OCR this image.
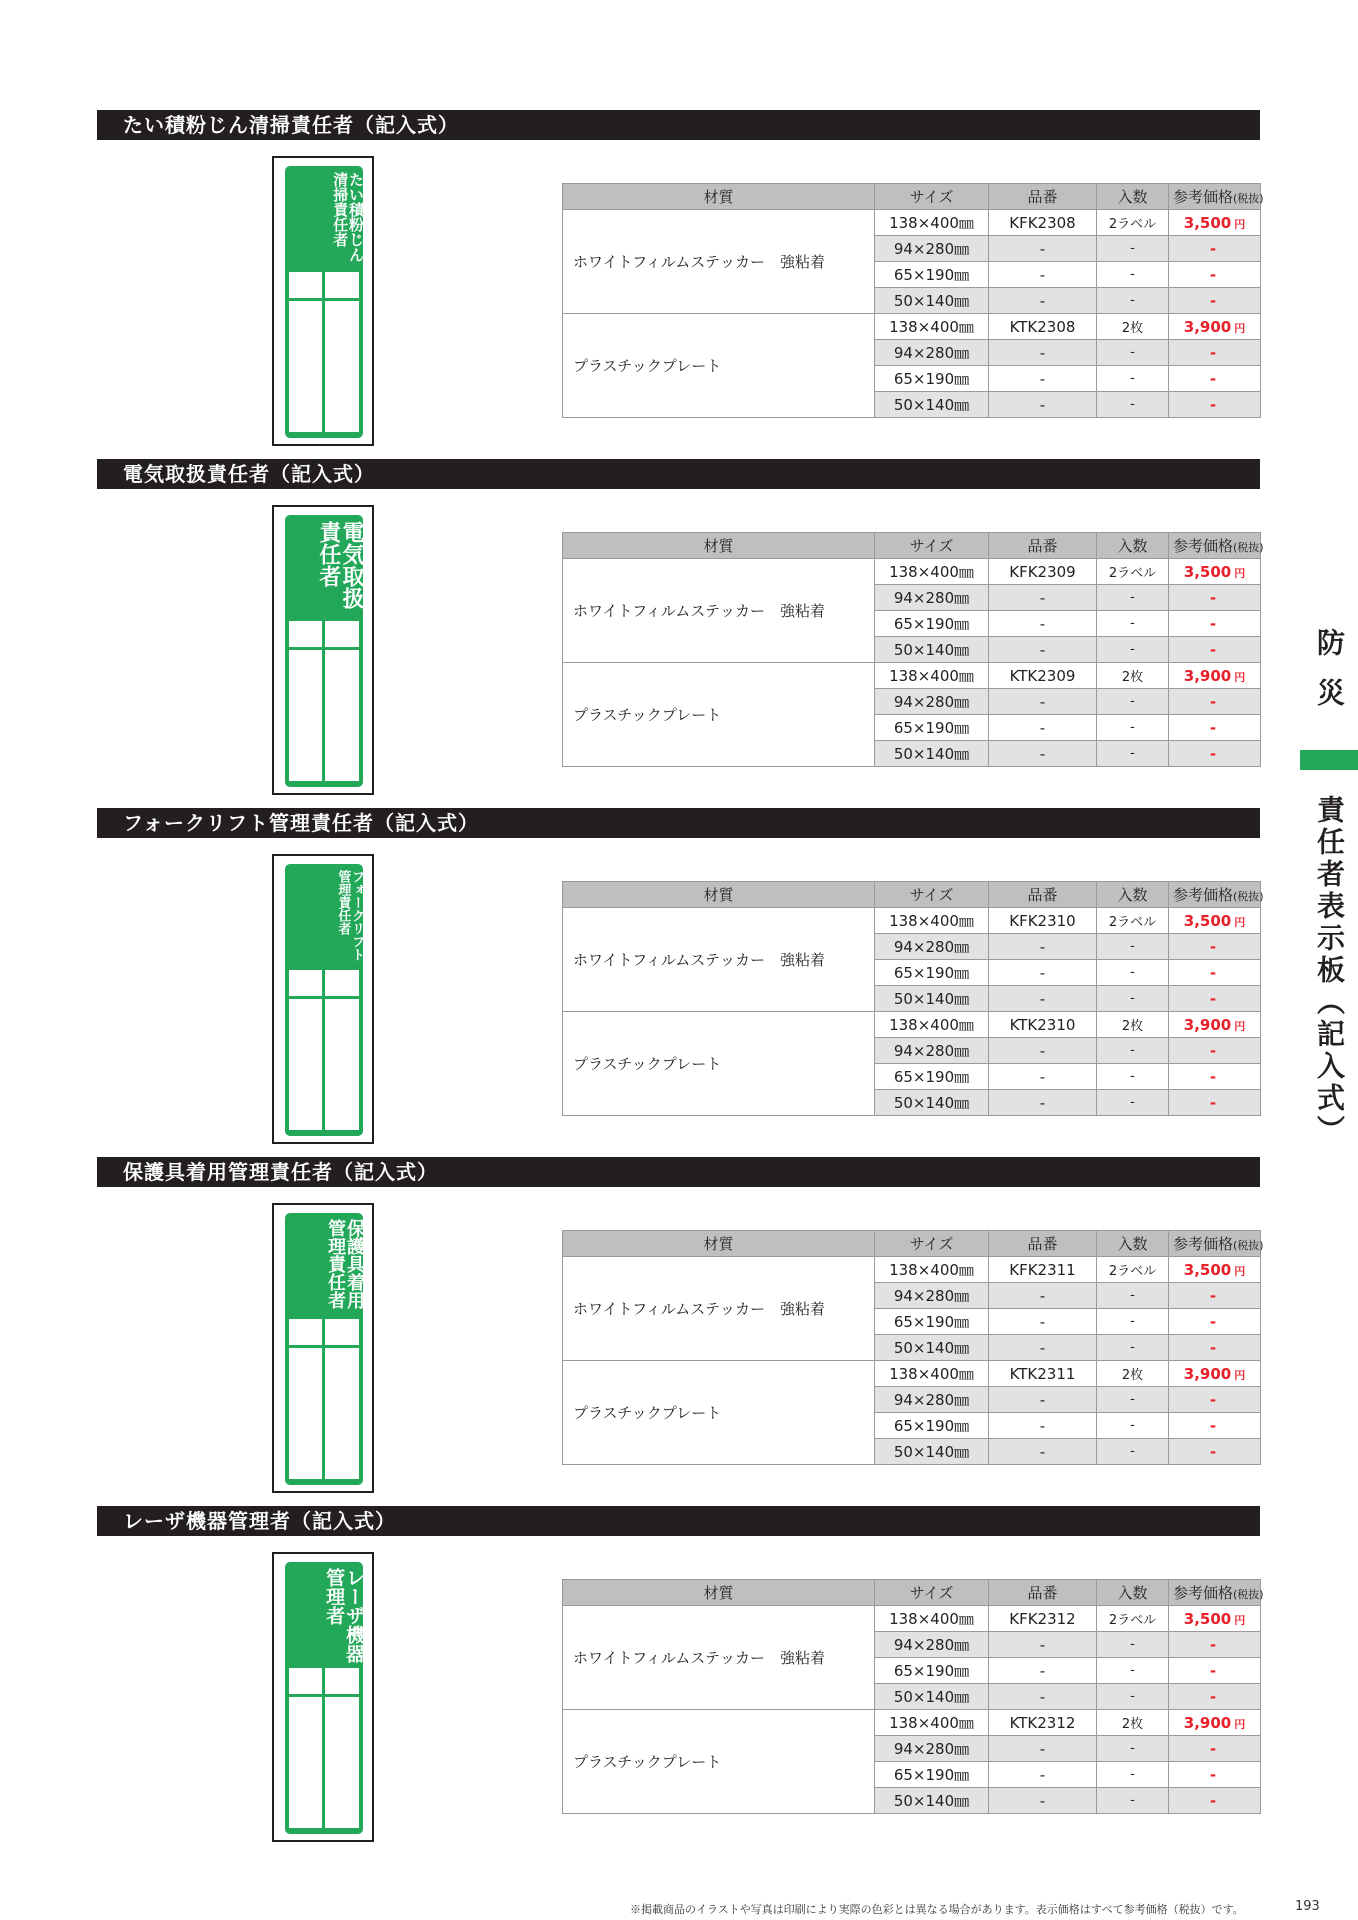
たい積粉じん清掃責任者（記入式）
たい積粉じん清掃責任者	材質	サイズ	品番	入数	参考価格(税抜)
ホワイトフィルムステッカー　強粘着	138×400㎜	KFK2308	2ラベル	3,500 円
	94×280㎜	-	-	-
	65×190㎜	-	-	-
	50×140㎜	-	-	-
プラスチックプレート	138×400㎜	KTK2308	2枚	3,900 円
	94×280㎜	-	-	-
	65×190㎜	-	-	-
	50×140㎜	-	-	-
電気取扱責任者（記入式）
電気取扱責任者	材質	サイズ	品番	入数	参考価格(税抜)
ホワイトフィルムステッカー　強粘着	138×400㎜	KFK2309	2ラベル	3,500 円
	94×280㎜	-	-	-
	65×190㎜	-	-	-
	50×140㎜	-	-	-
プラスチックプレート	138×400㎜	KTK2309	2枚	3,900 円
	94×280㎜	-	-	-
	65×190㎜	-	-	-
	50×140㎜	-	-	-
フォークリフト管理責任者（記入式）
フォークリフト管理責任者	材質	サイズ	品番	入数	参考価格(税抜)
ホワイトフィルムステッカー　強粘着	138×400㎜	KFK2310	2ラベル	3,500 円
	94×280㎜	-	-	-
	65×190㎜	-	-	-
	50×140㎜	-	-	-
プラスチックプレート	138×400㎜	KTK2310	2枚	3,900 円
	94×280㎜	-	-	-
	65×190㎜	-	-	-
	50×140㎜	-	-	-
保護具着用管理責任者（記入式）
保護具着用管理責任者	材質	サイズ	品番	入数	参考価格(税抜)
ホワイトフィルムステッカー　強粘着	138×400㎜	KFK2311	2ラベル	3,500 円
	94×280㎜	-	-	-
	65×190㎜	-	-	-
	50×140㎜	-	-	-
プラスチックプレート	138×400㎜	KTK2311	2枚	3,900 円
	94×280㎜	-	-	-
	65×190㎜	-	-	-
	50×140㎜	-	-	-
レーザ機器管理者（記入式）
レーザ機器管理者	材質	サイズ	品番	入数	参考価格(税抜)
ホワイトフィルムステッカー　強粘着	138×400㎜	KFK2312	2ラベル	3,500 円
	94×280㎜	-	-	-
	65×190㎜	-	-	-
	50×140㎜	-	-	-
プラスチックプレート	138×400㎜	KTK2312	2枚	3,900 円
	94×280㎜	-	-	-
	65×190㎜	-	-	-
	50×140㎜	-	-	-
防災
責任者表示板（記入式）
※掲載商品のイラストや写真は印刷により実際の色彩とは異なる場合があります。表示価格はすべて参考価格（税抜）です。	193
